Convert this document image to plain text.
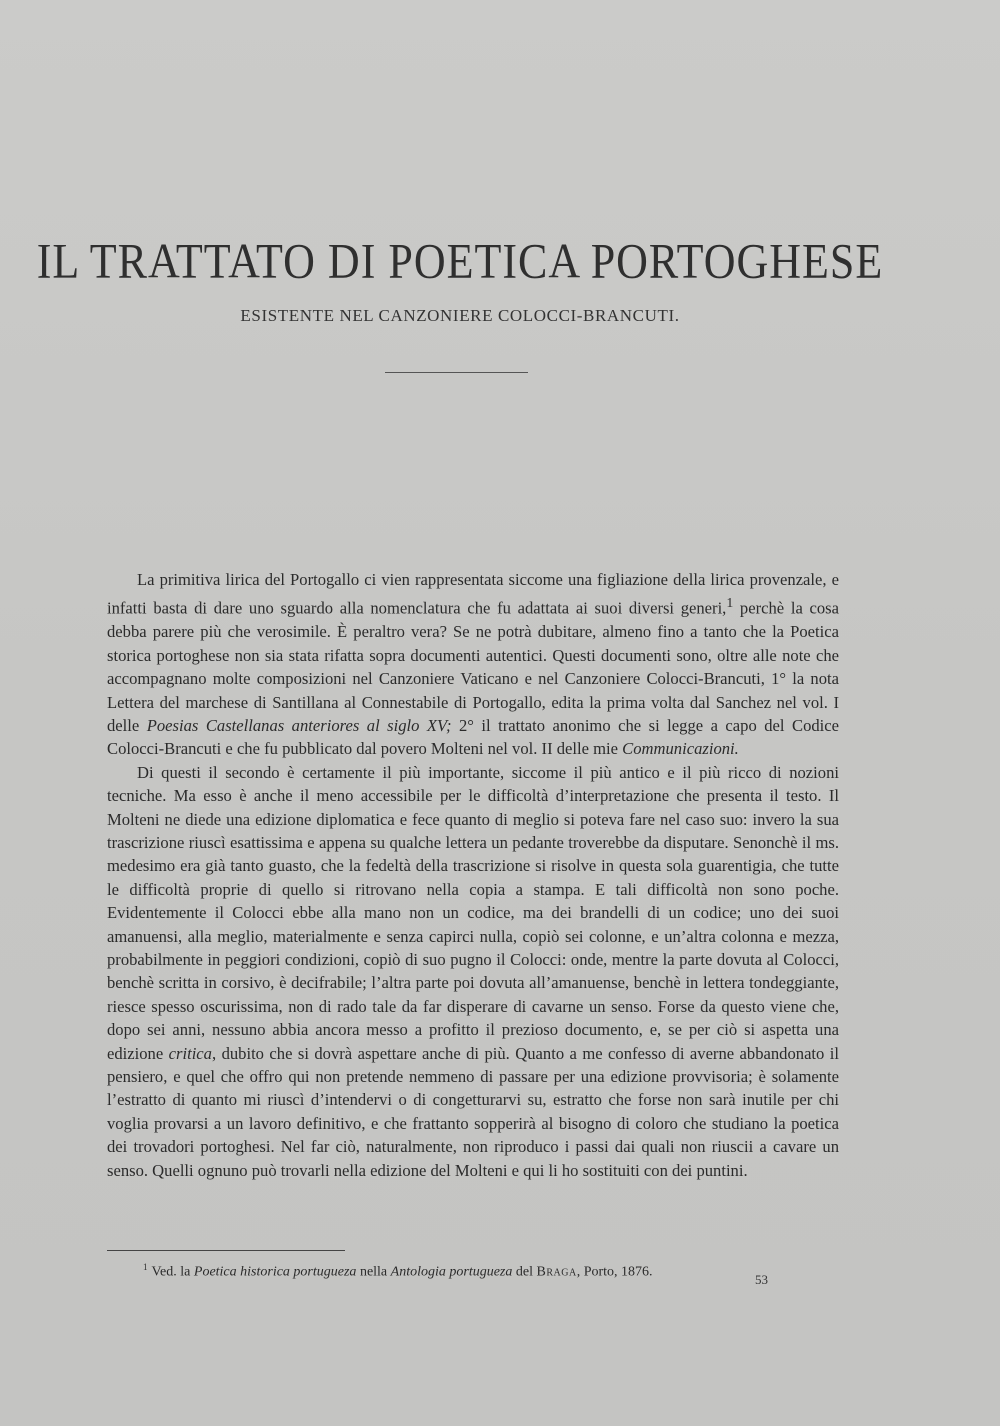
IL TRATTATO DI POETICA PORTOGHESE
ESISTENTE NEL CANZONIERE COLOCCI-BRANCUTI.

La primitiva lirica del Portogallo ci vien rappresentata siccome una figliazione della lirica provenzale, e infatti basta di dare uno sguardo alla nomenclatura che fu adattata ai suoi diversi generi,$^1$ perchè la cosa debba parere più che verosimile. È peraltro vera? Se ne potrà dubitare, almeno fino a tanto che la Poetica storica portoghese non sia stata rifatta sopra documenti autentici. Questi documenti sono, oltre alle note che accompagnano molte composizioni nel Canzoniere Vaticano e nel Canzoniere Colocci-Brancuti, 1° la nota Lettera del marchese di Santillana al Connestabile di Portogallo, edita la prima volta dal Sanchez nel vol. I delle Poesias Castellanas anteriores al siglo XV; 2° il trattato anonimo che si legge a capo del Codice Colocci-Brancuti e che fu pubblicato dal povero Molteni nel vol. II delle mie Communicazioni.

Di questi il secondo è certamente il più importante, siccome il più antico e il più ricco di nozioni tecniche. Ma esso è anche il meno accessibile per le difficoltà d’interpretazione che presenta il testo. Il Molteni ne diede una edizione diplomatica e fece quanto di meglio si poteva fare nel caso suo: invero la sua trascrizione riuscì esattissima e appena su qualche lettera un pedante troverebbe da disputare. Senonchè il ms. medesimo era già tanto guasto, che la fedeltà della trascrizione si risolve in questa sola guarentigia, che tutte le difficoltà proprie di quello si ritrovano nella copia a stampa. E tali difficoltà non sono poche. Evidentemente il Colocci ebbe alla mano non un codice, ma dei brandelli di un codice; uno dei suoi amanuensi, alla meglio, materialmente e senza capirci nulla, copiò sei colonne, e un’altra colonna e mezza, probabilmente in peggiori condizioni, copiò di suo pugno il Colocci: onde, mentre la parte dovuta al Colocci, benchè scritta in corsivo, è decifrabile; l’altra parte poi dovuta all’amanuense, benchè in lettera tondeggiante, riesce spesso oscurissima, non di rado tale da far disperare di cavarne un senso. Forse da questo viene che, dopo sei anni, nessuno abbia ancora messo a profitto il prezioso documento, e, se per ciò si aspetta una edizione critica, dubito che si dovrà aspettare anche di più. Quanto a me confesso di averne abbandonato il pensiero, e quel che offro qui non pretende nemmeno di passare per una edizione provvisoria; è solamente l’estratto di quanto mi riuscì d’intendervi o di congetturarvi su, estratto che forse non sarà inutile per chi voglia provarsi a un lavoro definitivo, e che frattanto sopperirà al bisogno di coloro che studiano la poetica dei trovadori portoghesi. Nel far ciò, naturalmente, non riproduco i passi dai quali non riuscii a cavare un senso. Quelli ognuno può trovarli nella edizione del Molteni e qui li ho sostituiti con dei puntini.

$^1$ Ved. la Poetica historica portugueza nella Antologia portugueza del Braga, Porto, 1876.	53
